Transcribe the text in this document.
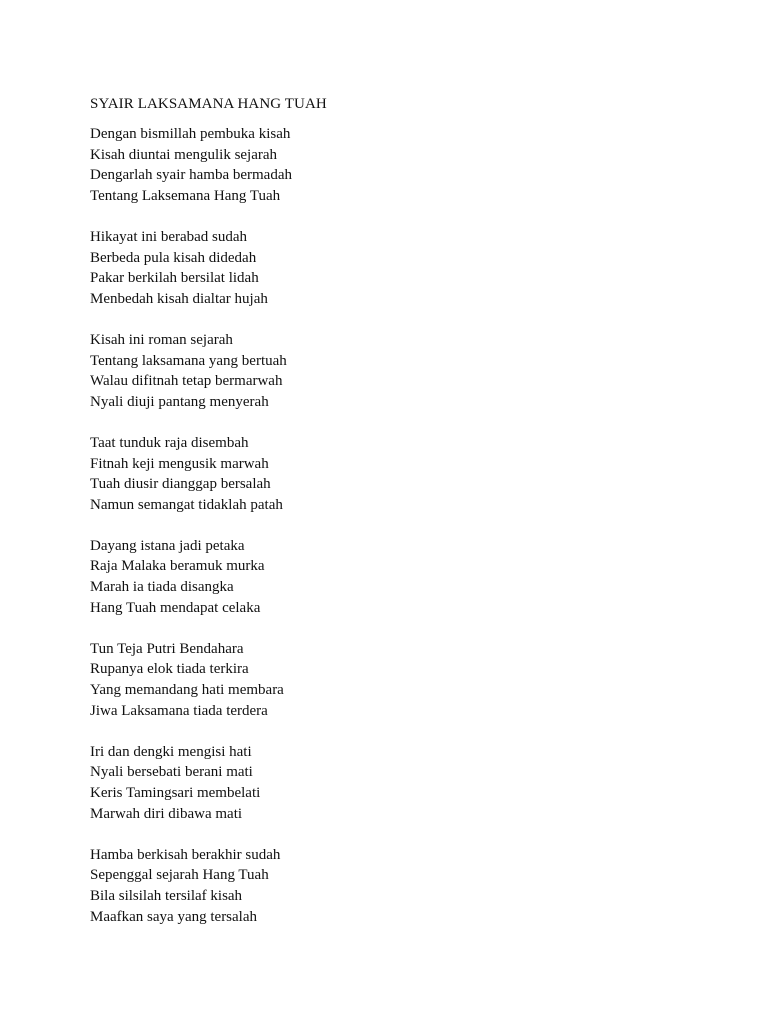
SYAIR LAKSAMANA HANG TUAH
Dengan bismillah pembuka kisah
Kisah diuntai mengulik sejarah
Dengarlah syair hamba bermadah
Tentang Laksemana Hang Tuah
Hikayat ini berabad sudah
Berbeda pula kisah didedah
Pakar berkilah bersilat lidah
Menbedah kisah dialtar hujah
Kisah ini roman sejarah
Tentang laksamana yang bertuah
Walau difitnah tetap bermarwah
Nyali diuji pantang menyerah
Taat tunduk raja disembah
Fitnah keji mengusik marwah
Tuah diusir dianggap bersalah
Namun semangat tidaklah patah
Dayang istana jadi petaka
Raja Malaka beramuk murka
Marah ia tiada disangka
Hang Tuah mendapat celaka
Tun Teja Putri Bendahara
Rupanya elok tiada terkira
Yang memandang hati membara
Jiwa Laksamana tiada terdera
Iri dan dengki mengisi hati
Nyali bersebati berani mati
Keris Tamingsari membelati
Marwah diri dibawa mati
Hamba berkisah berakhir sudah
Sepenggal sejarah Hang Tuah
Bila silsilah tersilaf kisah
Maafkan saya yang tersalah
